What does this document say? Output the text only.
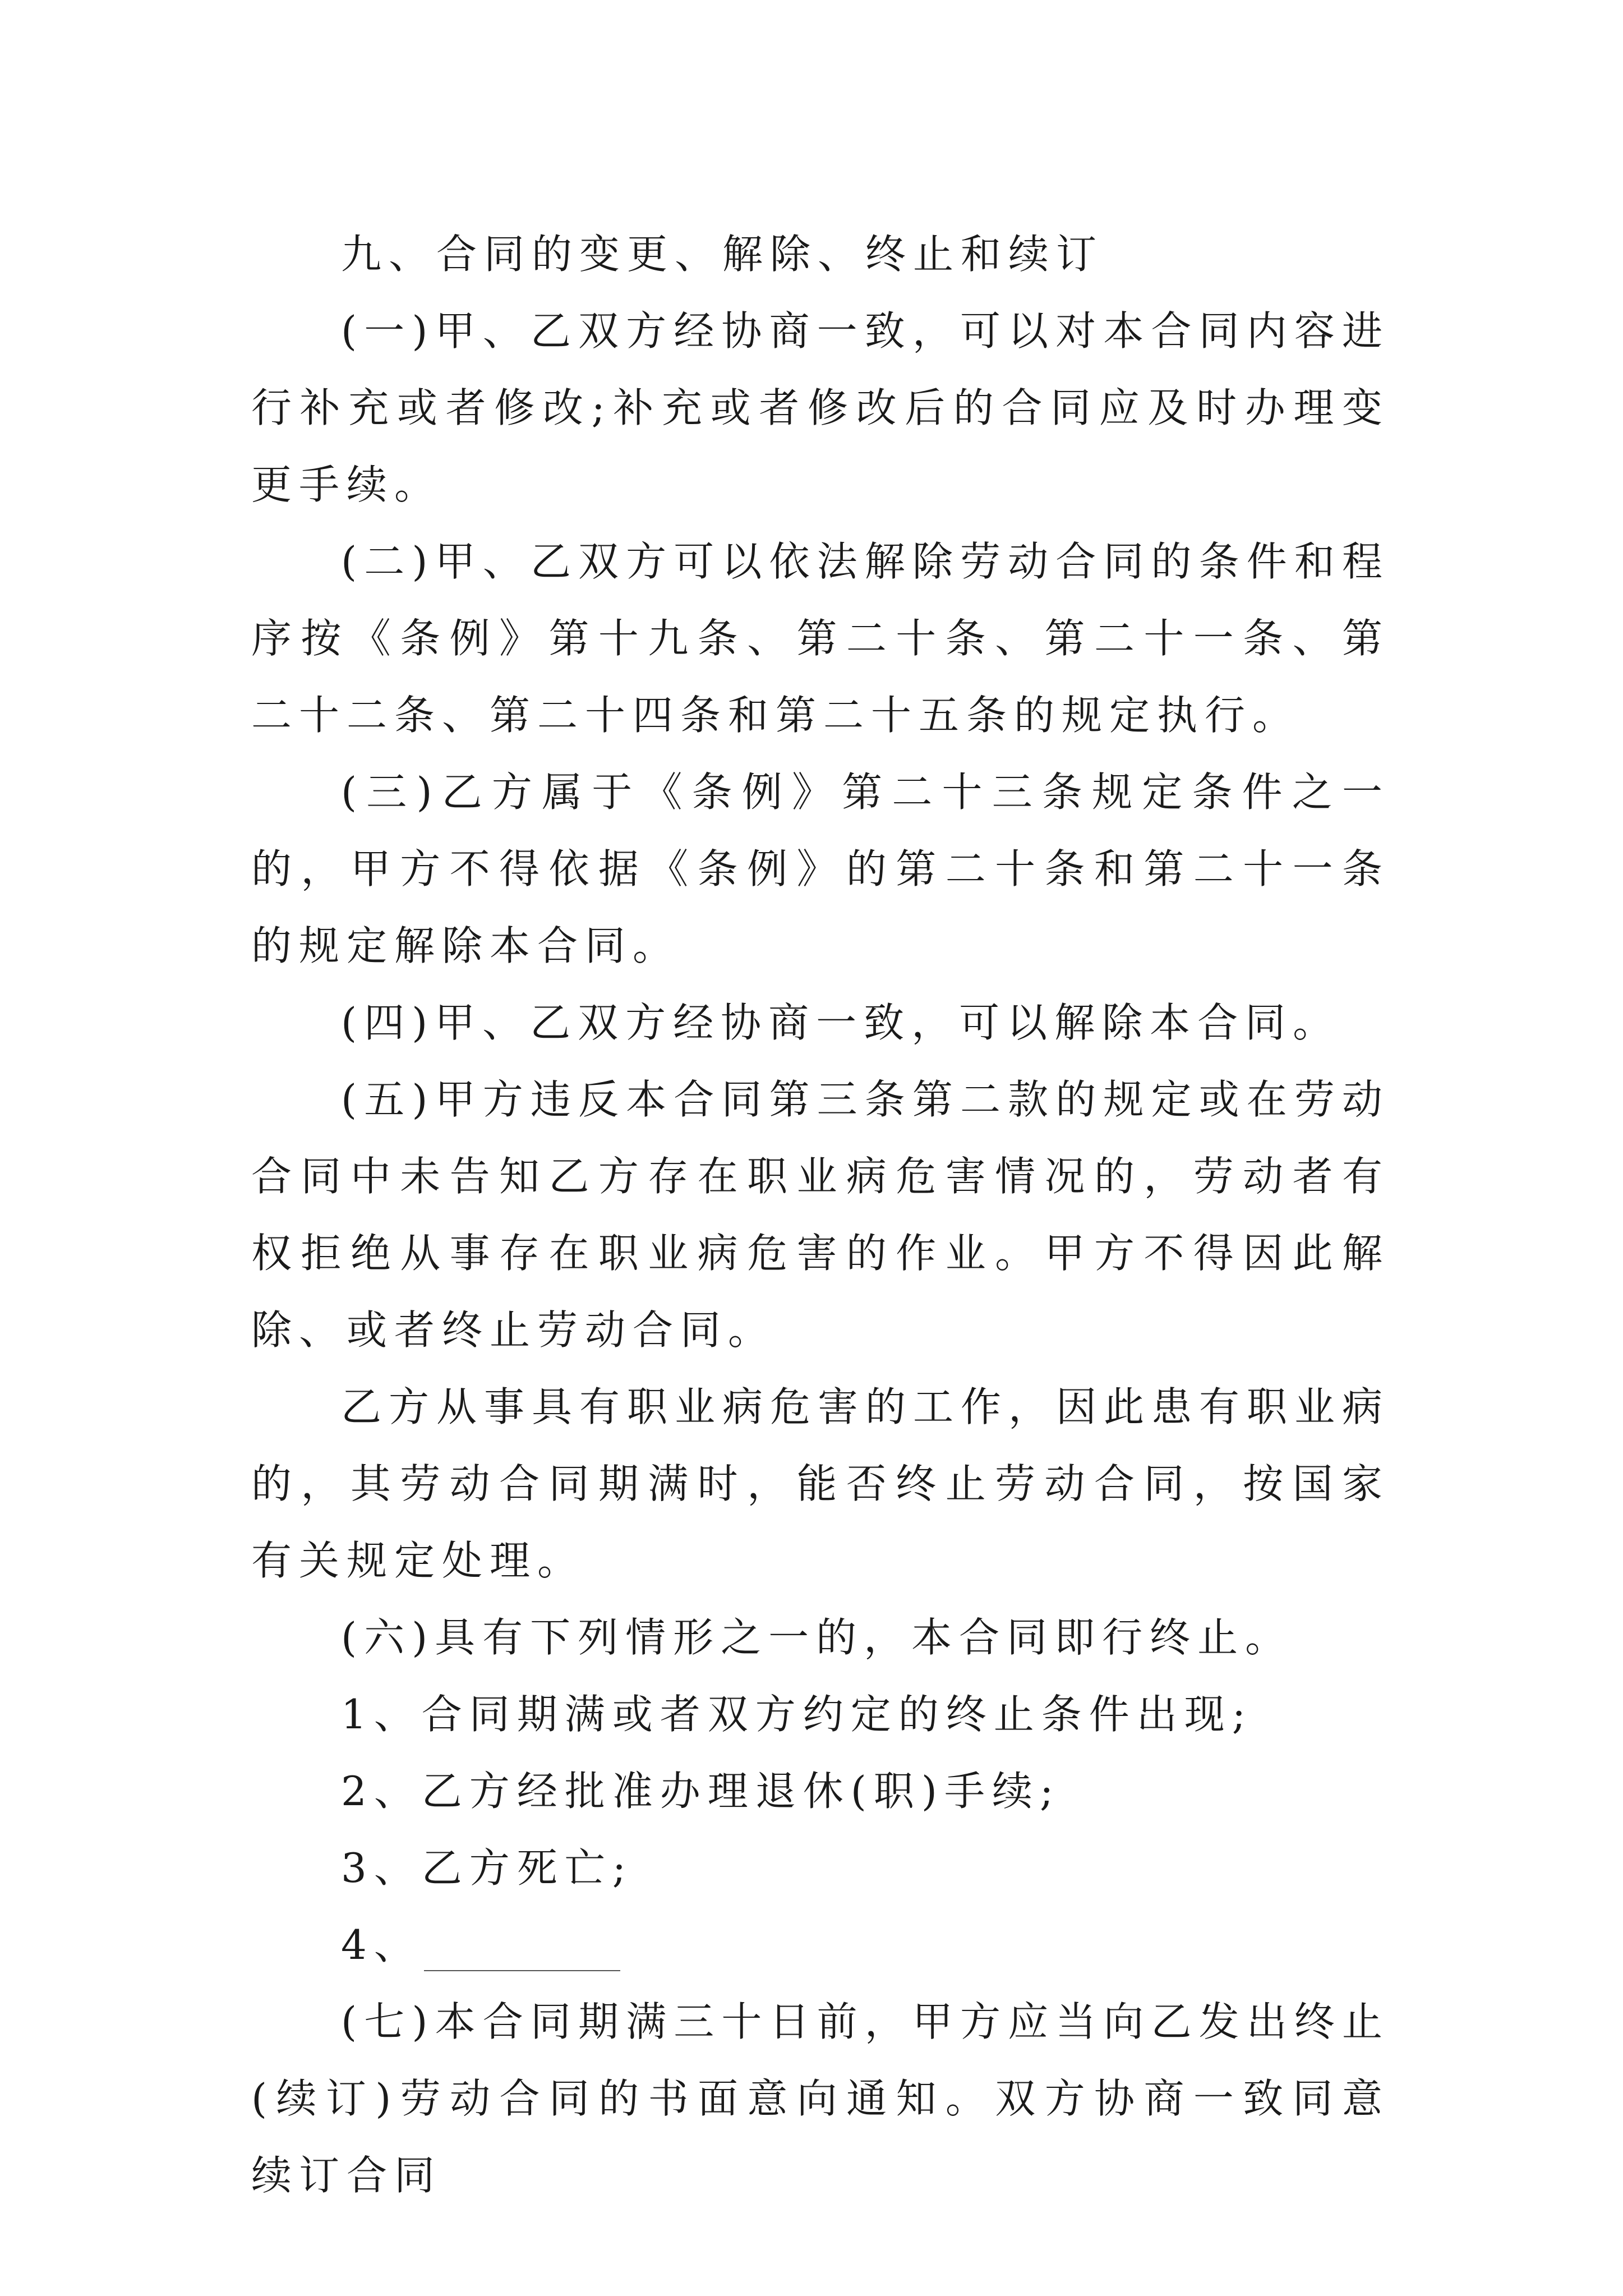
九、合同的变更、解除、终止和续订

(一)甲、乙双方经协商一致，可以对本合同内容进行补充或者修改;补充或者修改后的合同应及时办理变更手续。

(二)甲、乙双方可以依法解除劳动合同的条件和程序按《条例》第十九条、第二十条、第二十一条、第二十二条、第二十四条和第二十五条的规定执行。

(三)乙方属于《条例》第二十三条规定条件之一的，甲方不得依据《条例》的第二十条和第二十一条的规定解除本合同。

(四)甲、乙双方经协商一致，可以解除本合同。

(五)甲方违反本合同第三条第二款的规定或在劳动合同中未告知乙方存在职业病危害情况的，劳动者有权拒绝从事存在职业病危害的作业。甲方不得因此解除、或者终止劳动合同。

乙方从事具有职业病危害的工作，因此患有职业病的，其劳动合同期满时，能否终止劳动合同，按国家有关规定处理。

(六)具有下列情形之一的，本合同即行终止。

1、合同期满或者双方约定的终止条件出现;

2、乙方经批准办理退休(职)手续;

3、乙方死亡;

4、

(七)本合同期满三十日前，甲方应当向乙发出终止(续订)劳动合同的书面意向通知。双方协商一致同意续订合同
